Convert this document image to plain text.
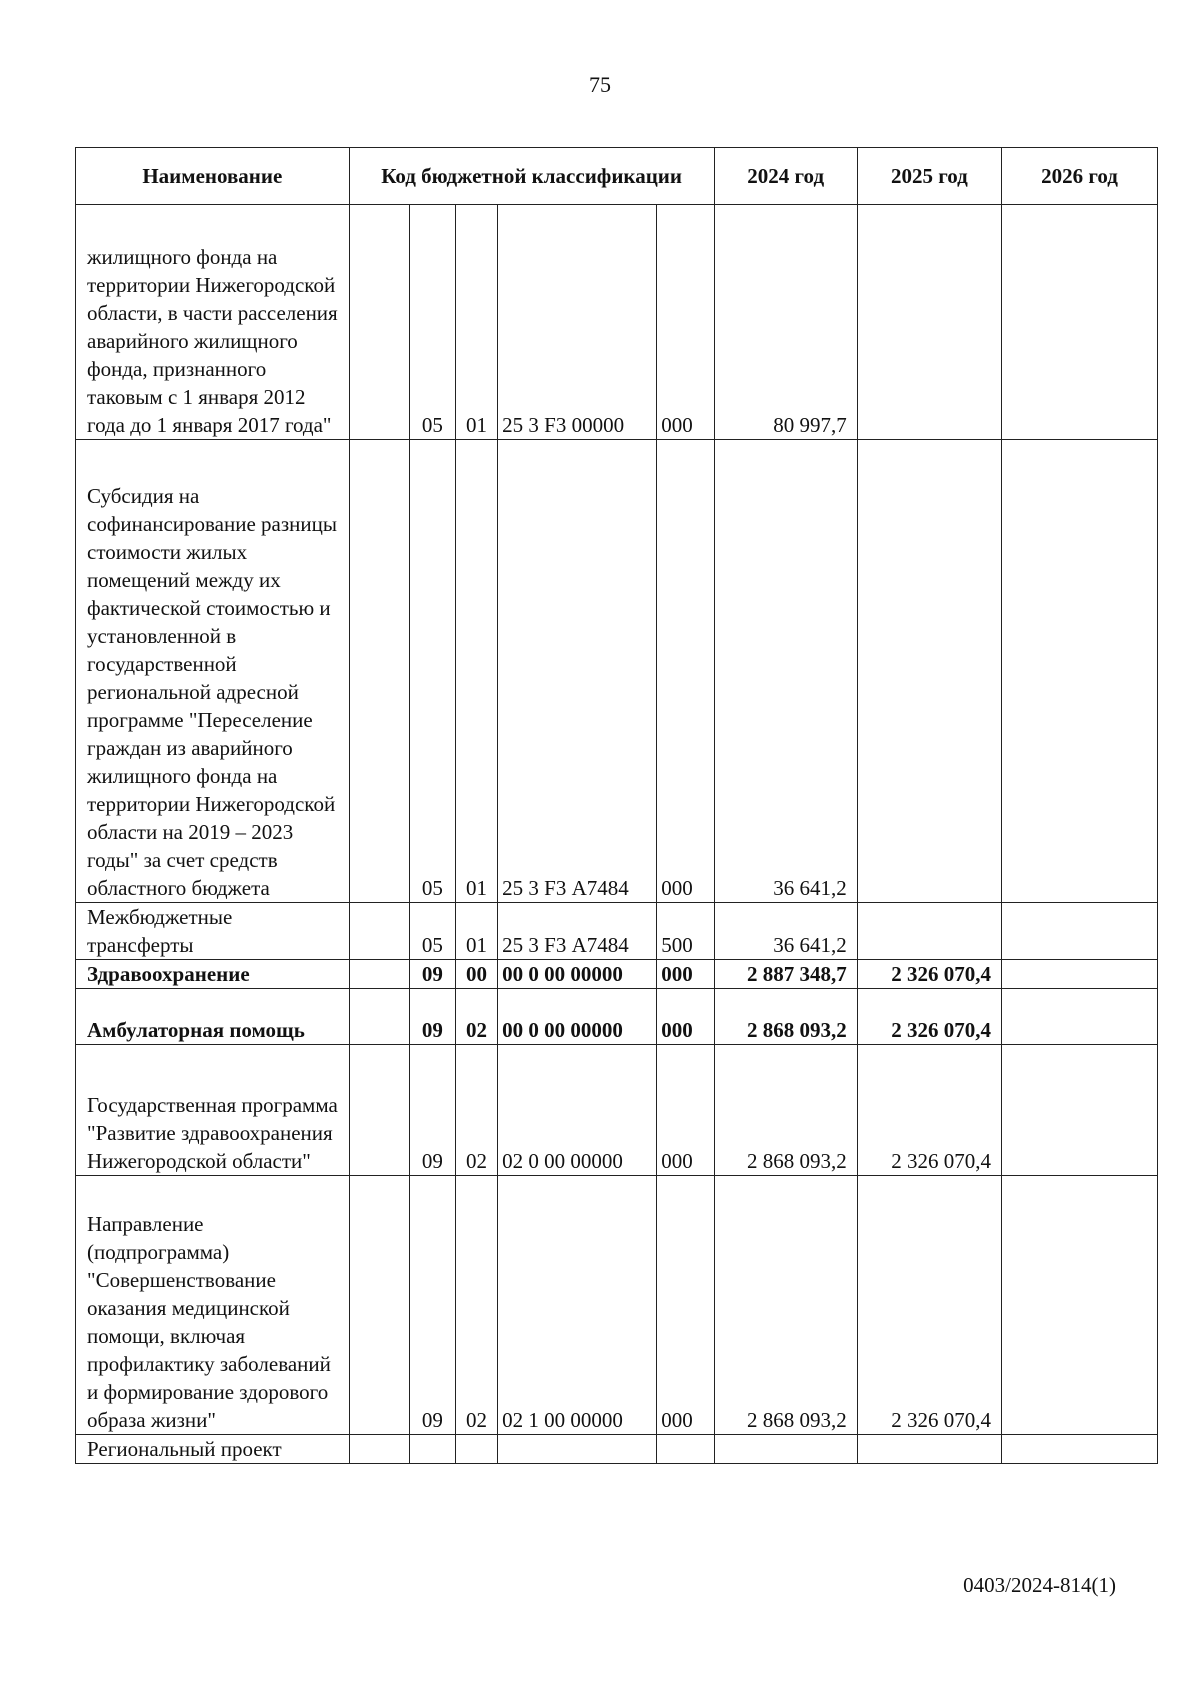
75
Наименование	Код бюджетной классификации					2024 год	2025 год	2026 год
жилищного фонда на территории Нижегородской области, в части расселения аварийного жилищного фонда, признанного таковым с 1 января 2012 года до 1 января 2017 года"		05	01	25 3 F3 00000	000	80 997,7		
Субсидия на софинансирование разницы стоимости жилых помещений между их фактической стоимостью и установленной в государственной региональной адресной программе "Переселение граждан из аварийного жилищного фонда на территории Нижегородской области на 2019 – 2023 годы" за счет средств областного бюджета		05	01	25 3 F3 А7484	000	36 641,2		
Межбюджетные трансферты		05	01	25 3 F3 А7484	500	36 641,2		
Здравоохранение		09	00	00 0 00 00000	000	2 887 348,7	2 326 070,4	
Амбулаторная помощь		09	02	00 0 00 00000	000	2 868 093,2	2 326 070,4	
Государственная программа "Развитие здравоохранения Нижегородской области"		09	02	02 0 00 00000	000	2 868 093,2	2 326 070,4	
Направление (подпрограмма) "Совершенствование оказания медицинской помощи, включая профилактику заболеваний и формирование здорового образа жизни"		09	02	02 1 00 00000	000	2 868 093,2	2 326 070,4	
Региональный проект								
0403/2024-814(1)
